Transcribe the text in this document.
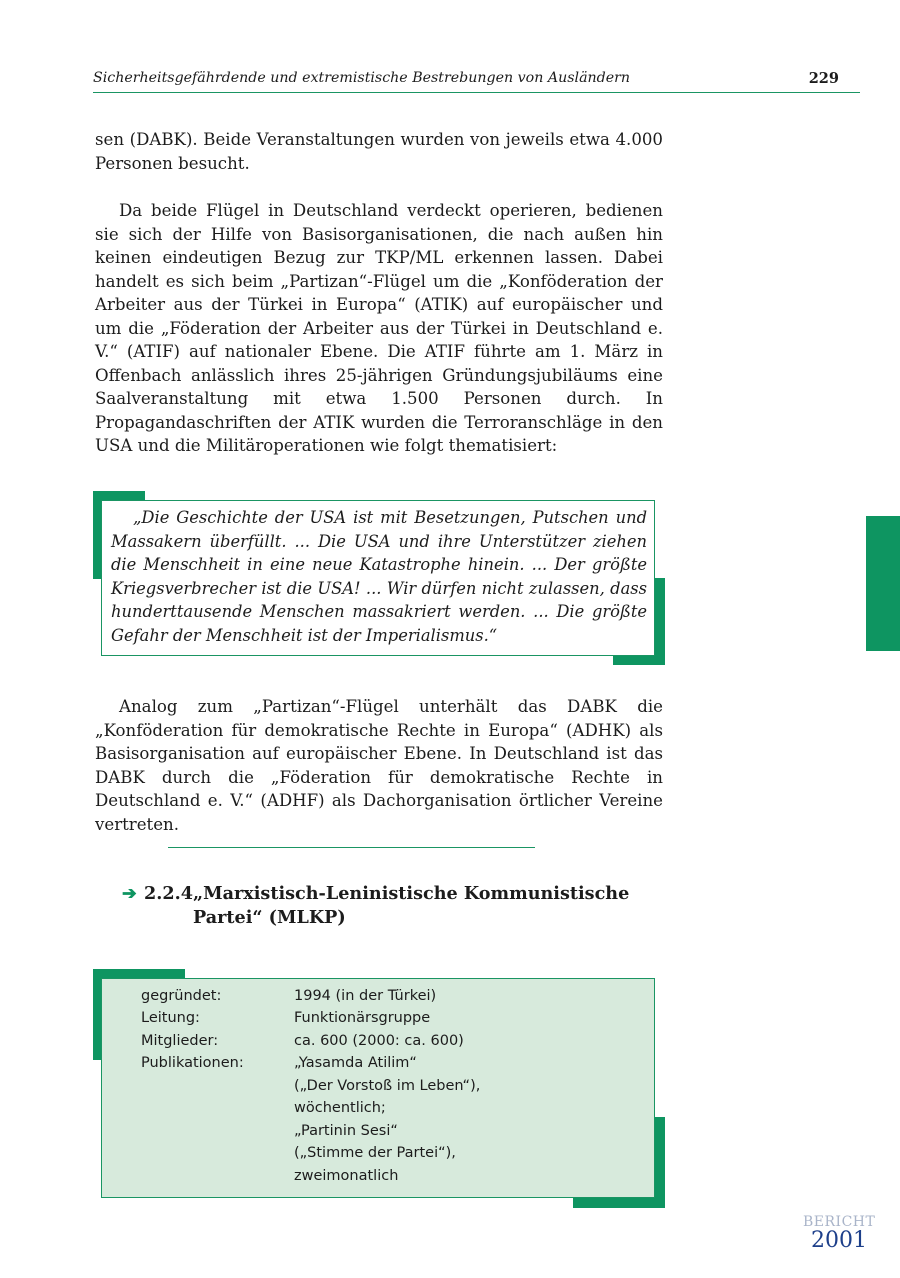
Sicherheitsgefährdende und extremistische Bestrebungen von Ausländern	229

sen (DABK). Beide Veranstaltungen wurden von jeweils etwa 4.000 Personen besucht.

Da beide Flügel in Deutschland verdeckt operieren, bedienen sie sich der Hilfe von Basisorganisationen, die nach außen hin keinen eindeutigen Bezug zur TKP/ML erkennen lassen. Dabei handelt es sich beim „Partizan“-Flügel um die „Konföderation der Arbeiter aus der Türkei in Europa“ (ATIK) auf europäischer und um die „Föderation der Arbeiter aus der Türkei in Deutschland e. V.“ (ATIF) auf nationaler Ebene. Die ATIF führte am 1. März in Offenbach anlässlich ihres 25-jährigen Gründungsjubiläums eine Saalveranstaltung mit etwa 1.500 Personen durch. In Propagandaschriften der ATIK wurden die Terroranschläge in den USA und die Militäroperationen wie folgt thematisiert:

„Die Geschichte der USA ist mit Besetzungen, Putschen und Massakern überfüllt. ... Die USA und ihre Unterstützer ziehen die Menschheit in eine neue Katastrophe hinein. ... Der größte Kriegsverbrecher ist die USA! ... Wir dürfen nicht zulassen, dass hunderttausende Menschen massakriert werden. ... Die größte Gefahr der Menschheit ist der Imperialismus.“

Analog zum „Partizan“-Flügel unterhält das DABK die „Konföderation für demokratische Rechte in Europa“ (ADHK) als Basisorganisation auf europäischer Ebene. In Deutschland ist das DABK durch die „Föderation für demokratische Rechte in Deutschland e. V.“ (ADHF) als Dachorganisation örtlicher Vereine vertreten.

➔ 2.2.4 „Marxistisch-Leninistische Kommunistische Partei“ (MLKP)
gegründet:	1994 (in der Türkei)
Leitung:	Funktionärsgruppe
Mitglieder:	ca. 600 (2000: ca. 600)
Publikationen:	„Yasamda Atilim“
(„Der Vorstoß im Leben“),
wöchentlich;
„Partinin Sesi“
(„Stimme der Partei“),
zweimonatlich
BERICHT
2001
